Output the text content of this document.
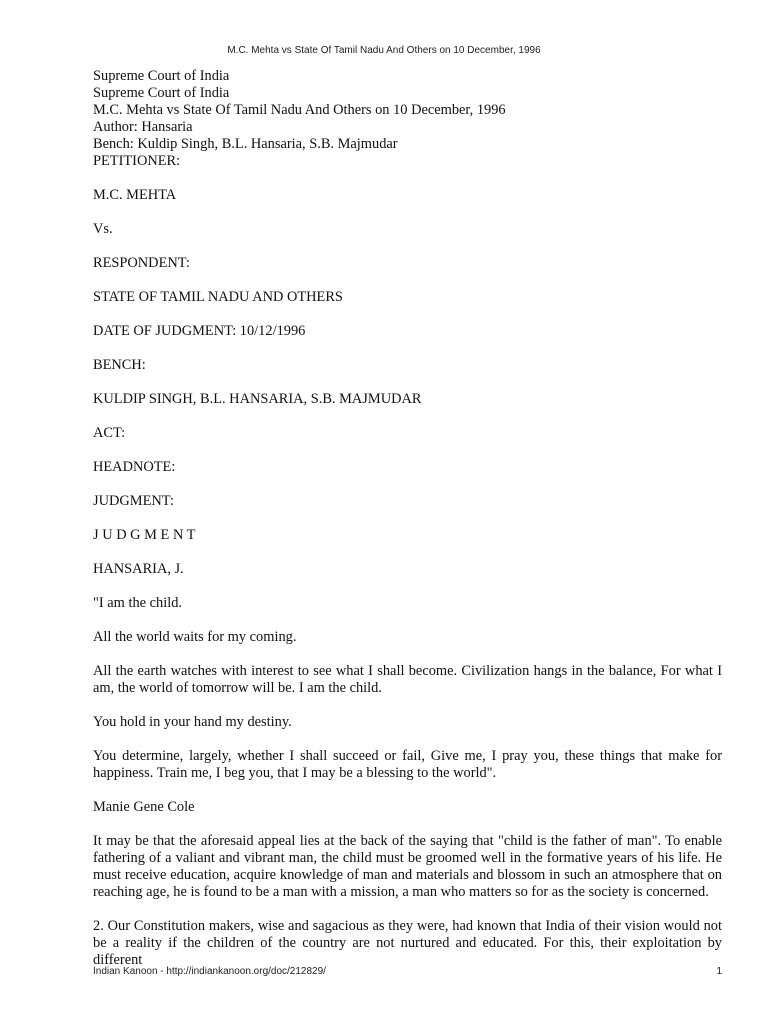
M.C. Mehta vs State Of Tamil Nadu And Others on 10 December, 1996
Supreme Court of India
Supreme Court of India
M.C. Mehta vs State Of Tamil Nadu And Others on 10 December, 1996
Author: Hansaria
Bench: Kuldip Singh, B.L. Hansaria, S.B. Majmudar
PETITIONER:

M.C. MEHTA

Vs.

RESPONDENT:

STATE OF TAMIL NADU AND OTHERS

DATE OF JUDGMENT: 10/12/1996

BENCH:

KULDIP SINGH, B.L. HANSARIA, S.B. MAJMUDAR

ACT:

HEADNOTE:

JUDGMENT:

J U D G M E N T

HANSARIA, J.

"I am the child.

All the world waits for my coming.

All the earth watches with interest to see what I shall become. Civilization hangs in the balance, For what I am, the world of tomorrow will be. I am the child.

You hold in your hand my destiny.

You determine, largely, whether I shall succeed or fail, Give me, I pray you, these things that make for happiness. Train me, I beg you, that I may be a blessing to the world".

Manie Gene Cole

It may be that the aforesaid appeal lies at the back of the saying that "child is the father of man". To enable fathering of a valiant and vibrant man, the child must be groomed well in the formative years of his life. He must receive education, acquire knowledge of man and materials and blossom in such an atmosphere that on reaching age, he is found to be a man with a mission, a man who matters so for as the society is concerned.

2. Our Constitution makers, wise and sagacious as they were, had known that India of their vision would not be a reality if the children of the country are not nurtured and educated. For this, their exploitation by different

Indian Kanoon - http://indiankanoon.org/doc/212829/	1
